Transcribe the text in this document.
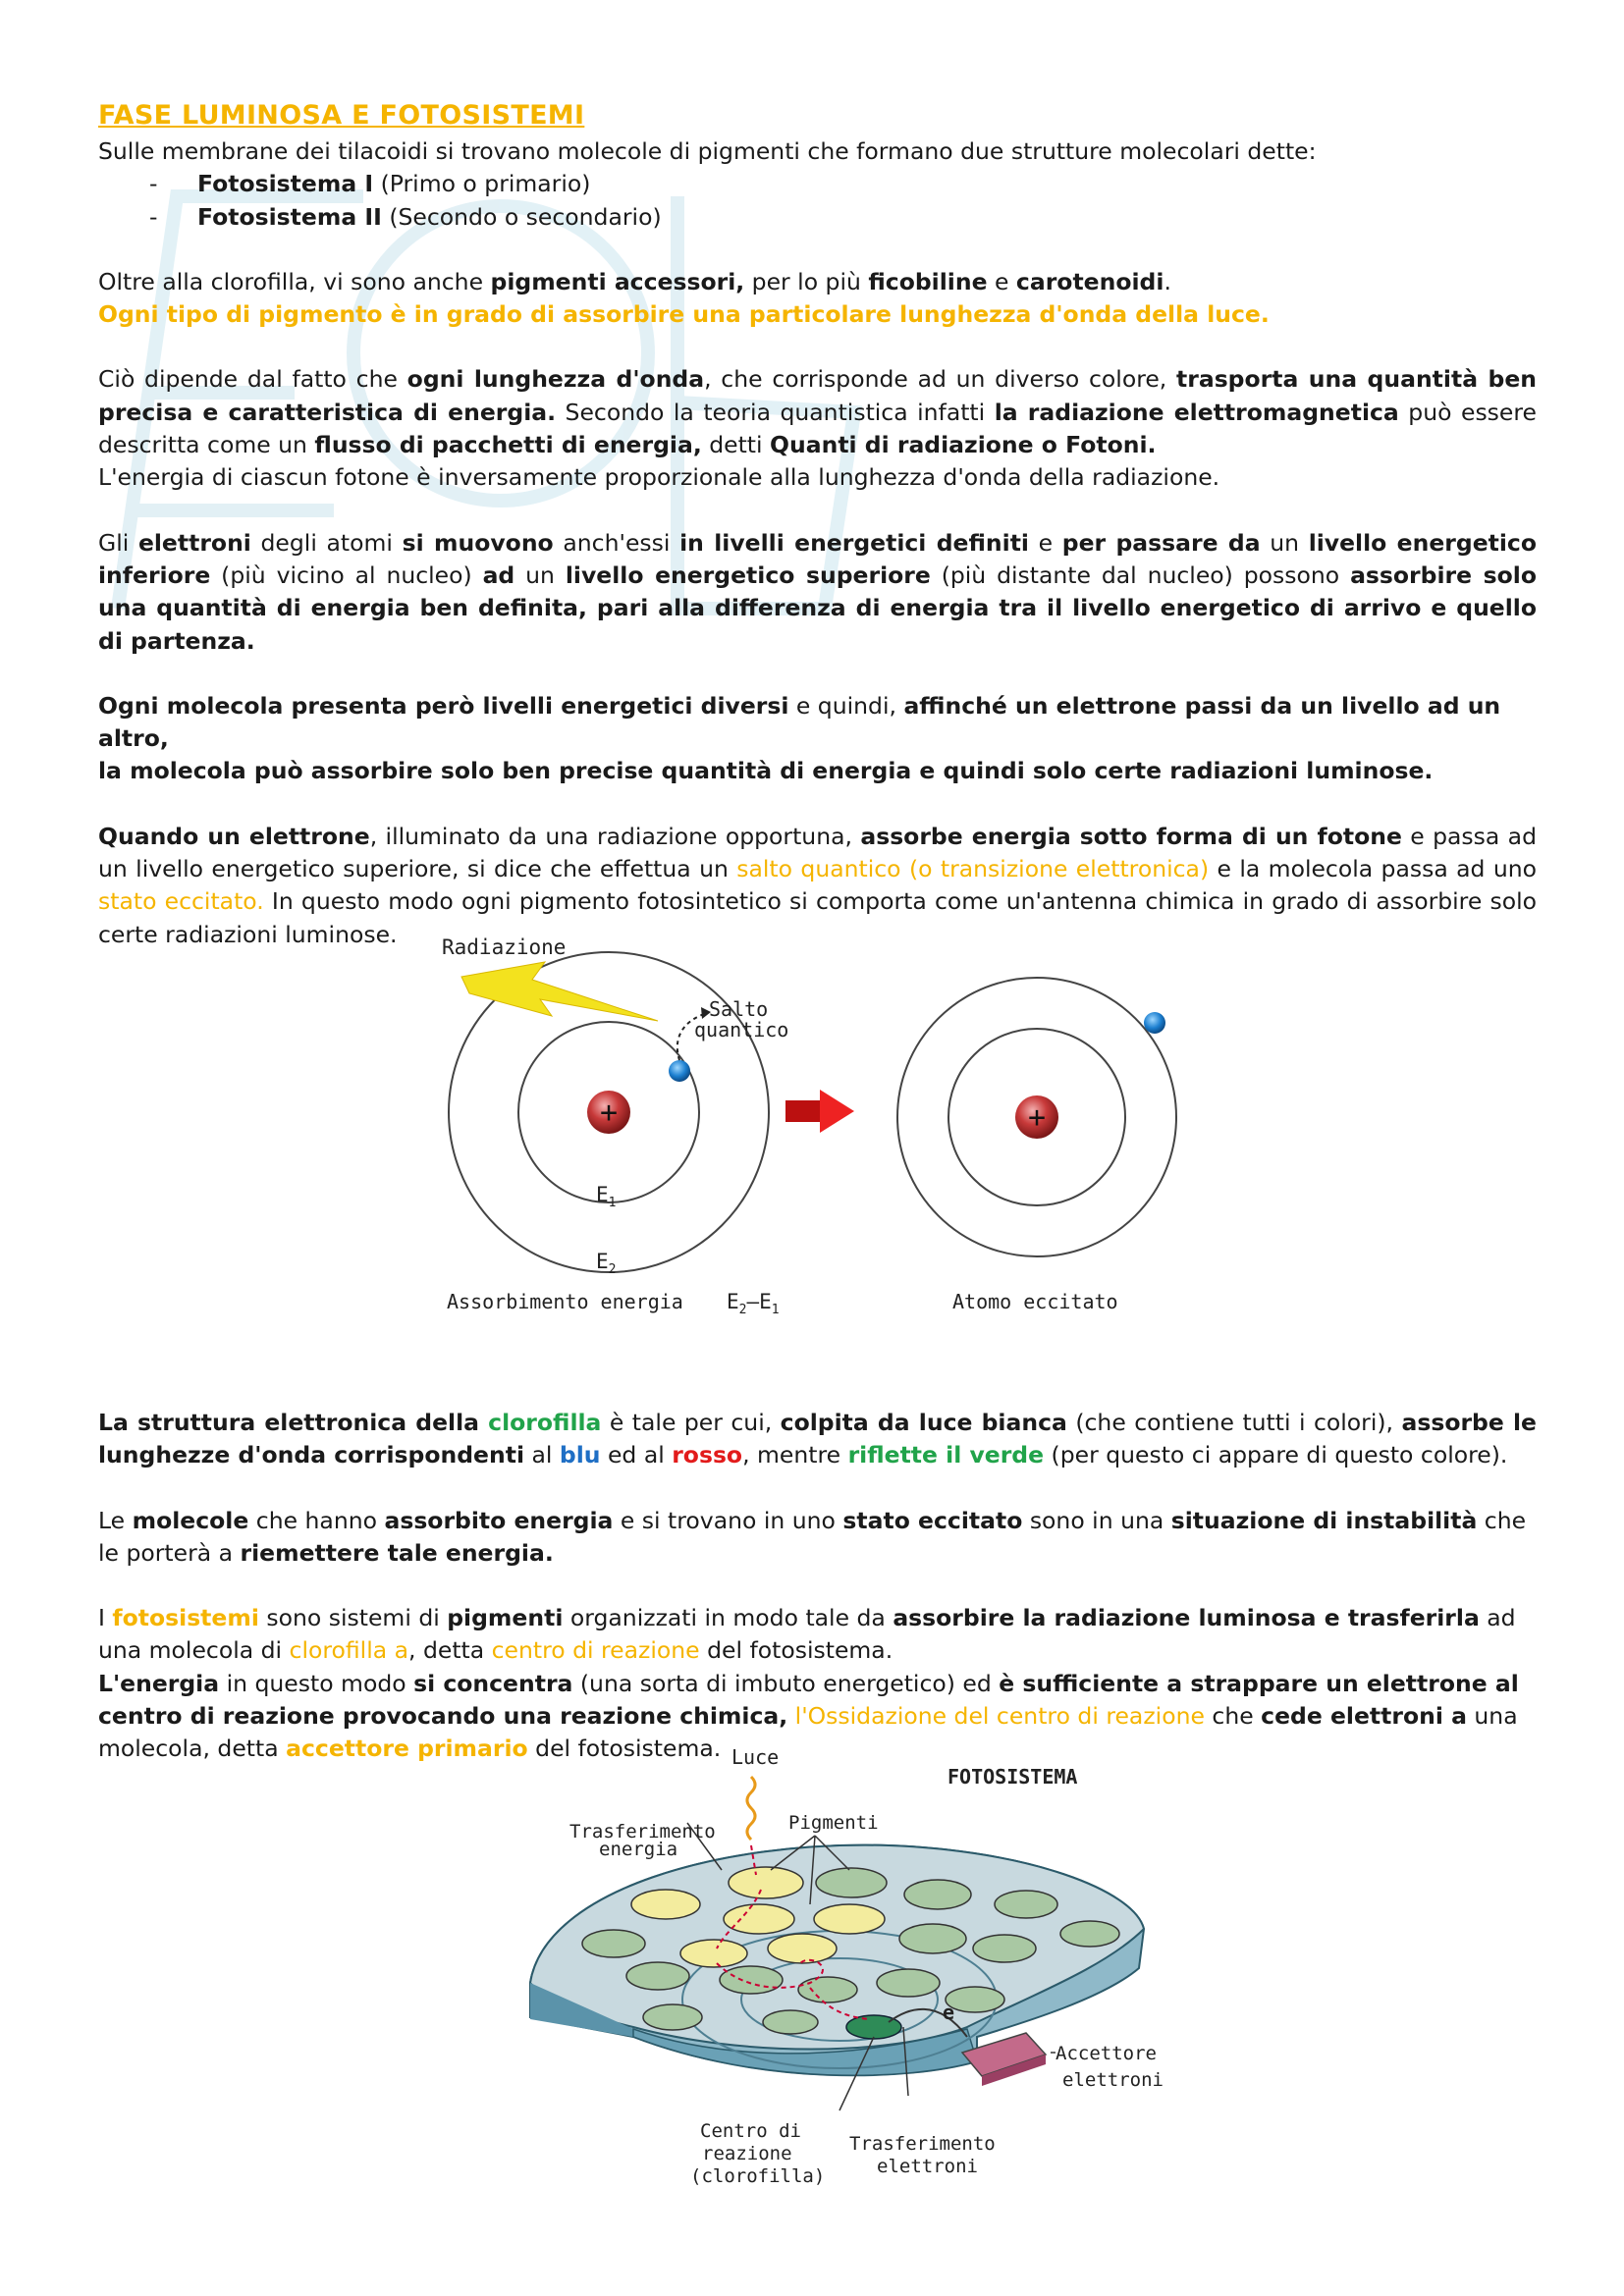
FASE LUMINOSA E FOTOSISTEMI

Sulle membrane dei tilacoidi si trovano molecole di pigmenti che formano due strutture molecolari dette:

- Fotosistema I (Primo o primario)
- Fotosistema II (Secondo o secondario)

Oltre alla clorofilla, vi sono anche pigmenti accessori, per lo più ficobiline e carotenoidi.

Ogni tipo di pigmento è in grado di assorbire una particolare lunghezza d'onda della luce.

Ciò dipende dal fatto che ogni lunghezza d'onda, che corrisponde ad un diverso colore, trasporta una quantità ben precisa e caratteristica di energia. Secondo la teoria quantistica infatti la radiazione elettromagnetica può essere descritta come un flusso di pacchetti di energia, detti Quanti di radiazione o Fotoni.

L'energia di ciascun fotone è inversamente proporzionale alla lunghezza d'onda della radiazione.

Gli elettroni degli atomi si muovono anch'essi in livelli energetici definiti e per passare da un livello energetico inferiore (più vicino al nucleo) ad un livello energetico superiore (più distante dal nucleo) possono assorbire solo una quantità di energia ben definita, pari alla differenza di energia tra il livello energetico di arrivo e quello di partenza.

Ogni molecola presenta però livelli energetici diversi e quindi, affinché un elettrone passi da un livello ad un altro,
la molecola può assorbire solo ben precise quantità di energia e quindi solo certe radiazioni luminose.

Quando un elettrone, illuminato da una radiazione opportuna, assorbe energia sotto forma di un fotone e passa ad un livello energetico superiore, si dice che effettua un salto quantico (o transizione elettronica) e la molecola passa ad uno stato eccitato. In questo modo ogni pigmento fotosintetico si comporta come un'antenna chimica in grado di assorbire solo certe radiazioni luminose.

La struttura elettronica della clorofilla è tale per cui, colpita da luce bianca (che contiene tutti i colori), assorbe le lunghezze d'onda corrispondenti al blu ed al rosso, mentre riflette il verde (per questo ci appare di questo colore).

Le molecole che hanno assorbito energia e si trovano in uno stato eccitato sono in una situazione di instabilità che le porterà a riemettere tale energia.

I fotosistemi sono sistemi di pigmenti organizzati in modo tale da assorbire la radiazione luminosa e trasferirla ad una molecola di clorofilla a, detta centro di reazione del fotosistema.
L'energia in questo modo si concentra (una sorta di imbuto energetico) ed è sufficiente a strappare un elettrone al centro di reazione provocando una reazione chimica, l'Ossidazione del centro di reazione che cede elettroni a una molecola, detta accettore primario del fotosistema.

+
Radiazione
Salto
quantico
$E_1$
$E_2$
Assorbimento energia $E_2-E_1$
+
Atomo eccitato
Luce
FOTOSISTEMA
Trasferimento
energia
Pigmenti
e
Accettore
elettroni
Centro di
reazione
(clorofilla)
Trasferimento
elettroni
